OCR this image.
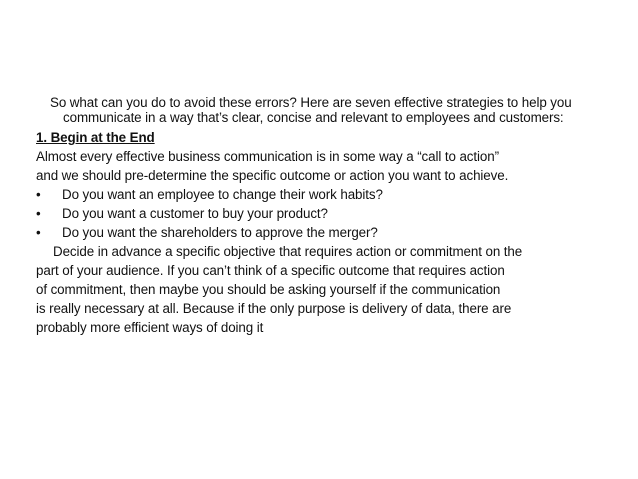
So what can you do to avoid these errors? Here are seven effective strategies to help you communicate in a way that’s clear, concise and relevant to employees and customers:

1. Begin at the End

Almost every effective business communication is in some way a “call to action”

and we should pre-determine the specific outcome or action you want to achieve.

• Do you want an employee to change their work habits?
• Do you want a customer to buy your product?
• Do you want the shareholders to approve the merger?
Decide in advance a specific objective that requires action or commitment on the
part of your audience. If you can’t think of a specific outcome that requires action
of commitment, then maybe you should be asking yourself if the communication
is really necessary at all. Because if the only purpose is delivery of data, there are
probably more efficient ways of doing it
